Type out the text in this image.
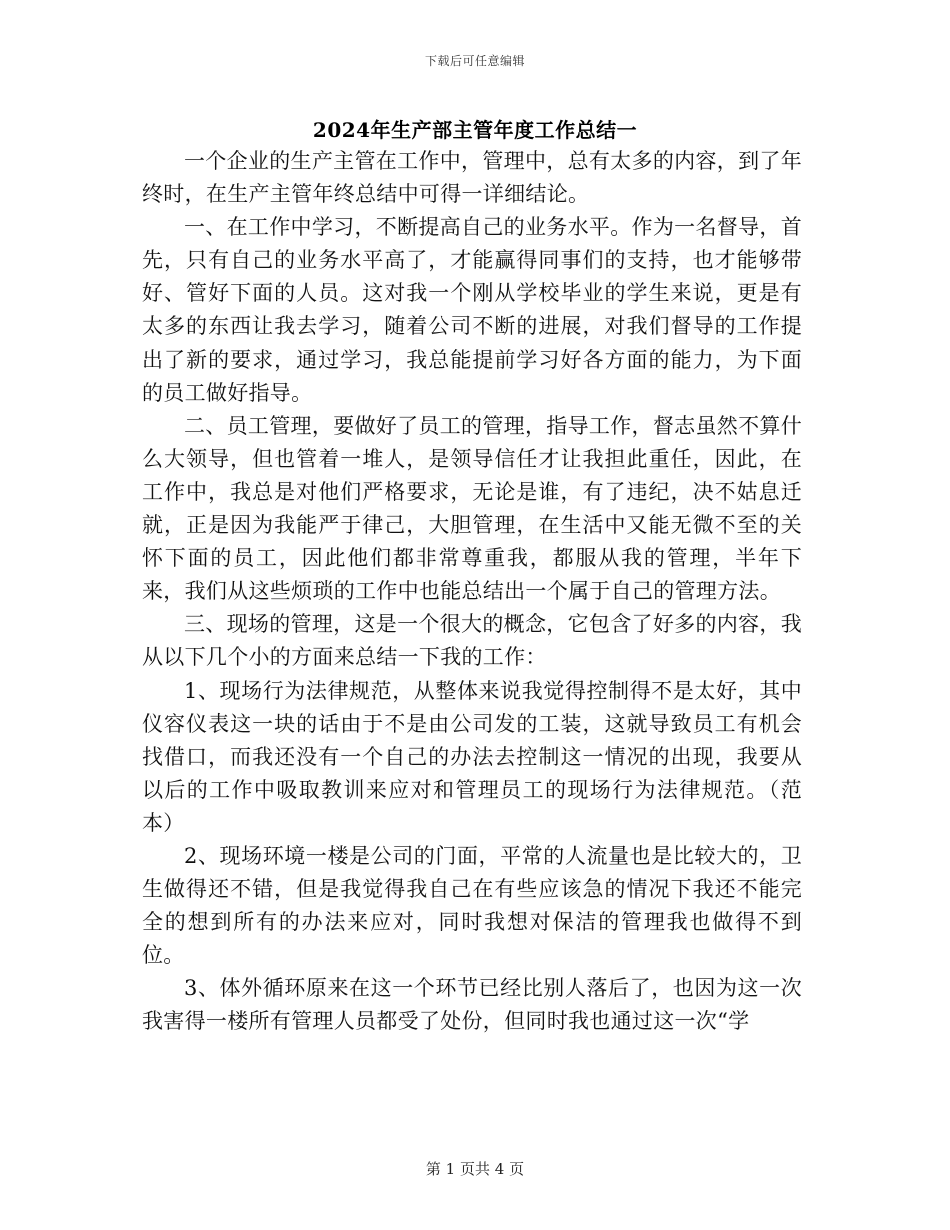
下载后可任意编辑
2024年生产部主管年度工作总结一

一个企业的生产主管在工作中，管理中，总有太多的内容，到了年终时，在生产主管年终总结中可得一详细结论。

一、在工作中学习，不断提高自己的业务水平。作为一名督导，首先，只有自己的业务水平高了，才能赢得同事们的支持，也才能够带好、管好下面的人员。这对我一个刚从学校毕业的学生来说，更是有太多的东西让我去学习，随着公司不断的进展，对我们督导的工作提出了新的要求，通过学习，我总能提前学习好各方面的能力，为下面的员工做好指导。

二、员工管理，要做好了员工的管理，指导工作，督志虽然不算什么大领导，但也管着一堆人，是领导信任才让我担此重任，因此，在工作中，我总是对他们严格要求，无论是谁，有了违纪，决不姑息迁就，正是因为我能严于律己，大胆管理，在生活中又能无微不至的关怀下面的员工，因此他们都非常尊重我，都服从我的管理，半年下来，我们从这些烦琐的工作中也能总结出一个属于自己的管理方法。

三、现场的管理，这是一个很大的概念，它包含了好多的内容，我从以下几个小的方面来总结一下我的工作：

1、现场行为法律规范，从整体来说我觉得控制得不是太好，其中仪容仪表这一块的话由于不是由公司发的工装，这就导致员工有机会找借口，而我还没有一个自己的办法去控制这一情况的出现，我要从以后的工作中吸取教训来应对和管理员工的现场行为法律规范。（范本）

2、现场环境一楼是公司的门面，平常的人流量也是比较大的，卫生做得还不错，但是我觉得我自己在有些应该急的情况下我还不能完全的想到所有的办法来应对，同时我想对保洁的管理我也做得不到位。

3、体外循环原来在这一个环节已经比别人落后了，也因为这一次我害得一楼所有管理人员都受了处份，但同时我也通过这一次“学

第 1 页共 4 页
